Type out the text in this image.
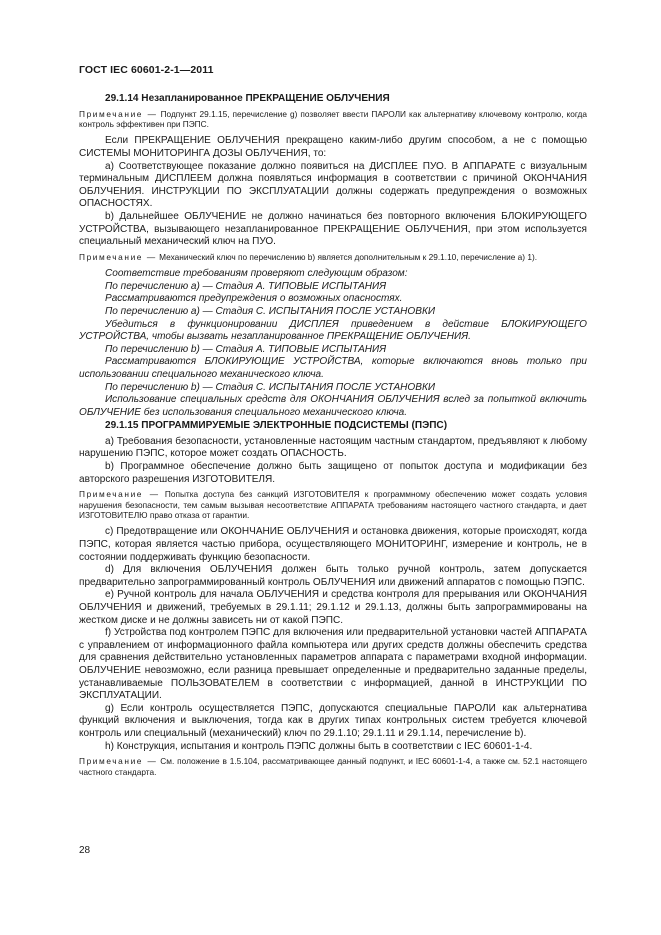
ГОСТ IEC 60601-2-1—2011

29.1.14 Незапланированное ПРЕКРАЩЕНИЕ ОБЛУЧЕНИЯ

Примечание — Подпункт 29.1.15, перечисление g) позволяет ввести ПАРОЛИ как альтернативу ключевому контролю, когда контроль эффективен при ПЭПС.

Если ПРЕКРАЩЕНИЕ ОБЛУЧЕНИЯ прекращено каким-либо другим способом, а не с помощью СИСТЕМЫ МОНИТОРИНГА ДОЗЫ ОБЛУЧЕНИЯ, то:

а) Соответствующее показание должно появиться на ДИСПЛЕЕ ПУО. В АППАРАТЕ с визуальным терминальным ДИСПЛЕЕМ должна появляться информация в соответствии с причиной ОКОНЧАНИЯ ОБЛУЧЕНИЯ. ИНСТРУКЦИИ ПО ЭКСПЛУАТАЦИИ должны содержать предупреждения о возможных ОПАСНОСТЯХ.

b) Дальнейшее ОБЛУЧЕНИЕ не должно начинаться без повторного включения БЛОКИРУЮЩЕГО УСТРОЙСТВА, вызывающего незапланированное ПРЕКРАЩЕНИЕ ОБЛУЧЕНИЯ, при этом используется специальный механический ключ на ПУО.

Примечание — Механический ключ по перечислению b) является дополнительным к 29.1.10, перечисление а) 1).

Соответствие требованиям проверяют следующим образом:

По перечислению а) — Стадия А. ТИПОВЫЕ ИСПЫТАНИЯ

Рассматриваются предупреждения о возможных опасностях.

По перечислению а) — Стадия С. ИСПЫТАНИЯ ПОСЛЕ УСТАНОВКИ

Убедиться в функционировании ДИСПЛЕЯ приведением в действие БЛОКИРУЮЩЕГО УСТРОЙСТВА, чтобы вызвать незапланированное ПРЕКРАЩЕНИЕ ОБЛУЧЕНИЯ.

По перечислению b) — Стадия А. ТИПОВЫЕ ИСПЫТАНИЯ

Рассматриваются БЛОКИРУЮЩИЕ УСТРОЙСТВА, которые включаются вновь только при использовании специального механического ключа.

По перечислению b) — Стадия С. ИСПЫТАНИЯ ПОСЛЕ УСТАНОВКИ

Использование специальных средств для ОКОНЧАНИЯ ОБЛУЧЕНИЯ вслед за попыткой включить ОБЛУЧЕНИЕ без использования специального механического ключа.

29.1.15 ПРОГРАММИРУЕМЫЕ ЭЛЕКТРОННЫЕ ПОДСИСТЕМЫ (ПЭПС)

а) Требования безопасности, установленные настоящим частным стандартом, предъявляют к любому нарушению ПЭПС, которое может создать ОПАСНОСТЬ.

b) Программное обеспечение должно быть защищено от попыток доступа и модификации без авторского разрешения ИЗГОТОВИТЕЛЯ.

Примечание — Попытка доступа без санкций ИЗГОТОВИТЕЛЯ к программному обеспечению может создать условия нарушения безопасности, тем самым вызывая несоответствие АППАРАТА требованиям настоящего частного стандарта, и дает ИЗГОТОВИТЕЛЮ право отказа от гарантии.

с) Предотвращение или ОКОНЧАНИЕ ОБЛУЧЕНИЯ и остановка движения, которые происходят, когда ПЭПС, которая является частью прибора, осуществляющего МОНИТОРИНГ, измерение и контроль, не в состоянии поддерживать функцию безопасности.

d) Для включения ОБЛУЧЕНИЯ должен быть только ручной контроль, затем допускается предварительно запрограммированный контроль ОБЛУЧЕНИЯ или движений аппаратов с помощью ПЭПС.

е) Ручной контроль для начала ОБЛУЧЕНИЯ и средства контроля для прерывания или ОКОНЧАНИЯ ОБЛУЧЕНИЯ и движений, требуемых в 29.1.11; 29.1.12 и 29.1.13, должны быть запрограммированы на жестком диске и не должны зависеть ни от какой ПЭПС.

f) Устройства под контролем ПЭПС для включения или предварительной установки частей АППАРАТА с управлением от информационного файла компьютера или других средств должны обеспечить средства для сравнения действительно установленных параметров аппарата с параметрами входной информации. ОБЛУЧЕНИЕ невозможно, если разница превышает определенные и предварительно заданные пределы, устанавливаемые ПОЛЬЗОВАТЕЛЕМ в соответствии с информацией, данной в ИНСТРУКЦИИ ПО ЭКСПЛУАТАЦИИ.

g) Если контроль осуществляется ПЭПС, допускаются специальные ПАРОЛИ как альтернатива функций включения и выключения, тогда как в других типах контрольных систем требуется ключевой контроль или специальный (механический) ключ по 29.1.10; 29.1.11 и 29.1.14, перечисление b).

h) Конструкция, испытания и контроль ПЭПС должны быть в соответствии с IEC 60601-1-4.

Примечание — См. положение в 1.5.104, рассматривающее данный подпункт, и IEC 60601-1-4, а также см. 52.1 настоящего частного стандарта.

28
